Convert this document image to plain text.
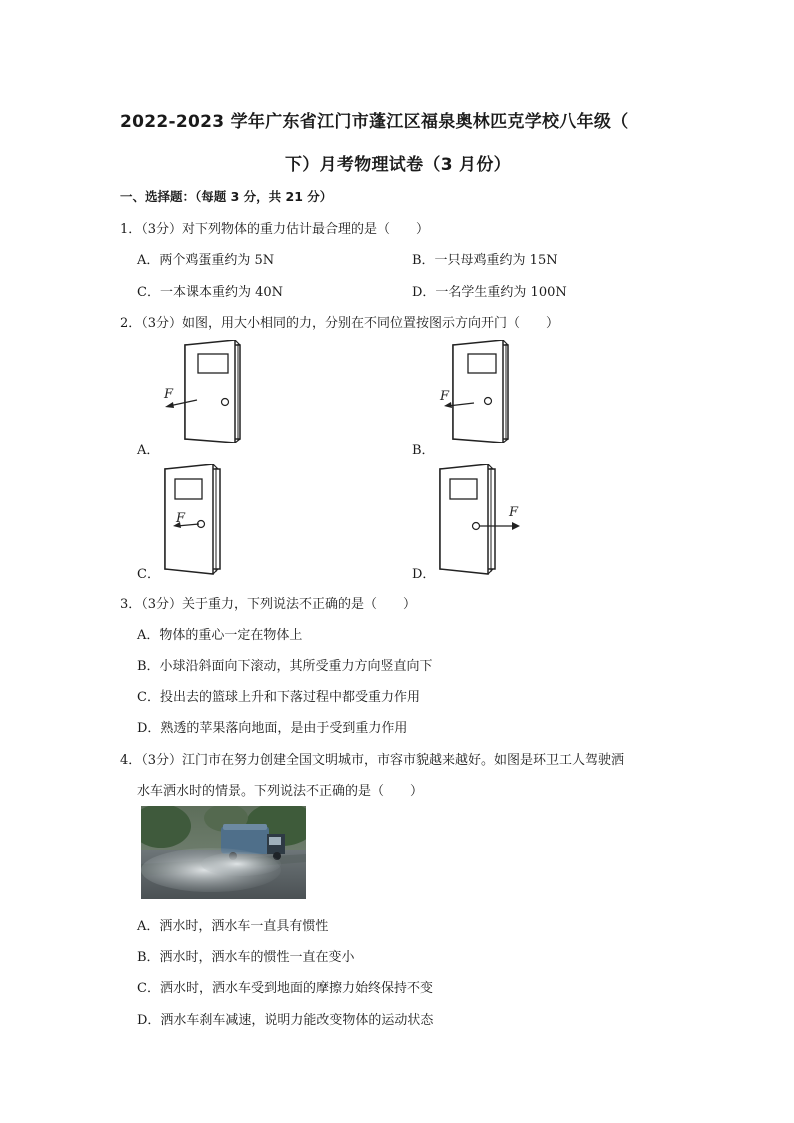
2022-2023 学年广东省江门市蓬江区福泉奥林匹克学校八年级（
下）月考物理试卷（3 月份）
一、选择题：（每题 3 分，共 21 分）
1．（3分）对下列物体的重力估计最合理的是（　　）
A．两个鸡蛋重约为 5N	B．一只母鸡重约为 15N
C．一本课本重约为 40N	D．一名学生重约为 100N
2．（3分）如图，用大小相同的力，分别在不同位置按图示方向开门（　　）
F
A．
F
B．
F
C．
F
D．
3．（3分）关于重力，下列说法不正确的是（　　）
A．物体的重心一定在物体上
B．小球沿斜面向下滚动，其所受重力方向竖直向下
C．投出去的篮球上升和下落过程中都受重力作用
D．熟透的苹果落向地面，是由于受到重力作用
4．（3分）江门市在努力创建全国文明城市，市容市貌越来越好。如图是环卫工人驾驶洒
水车洒水时的情景。下列说法不正确的是（　　）
A．洒水时，洒水车一直具有惯性
B．洒水时，洒水车的惯性一直在变小
C．洒水时，洒水车受到地面的摩擦力始终保持不变
D．洒水车刹车减速，说明力能改变物体的运动状态
